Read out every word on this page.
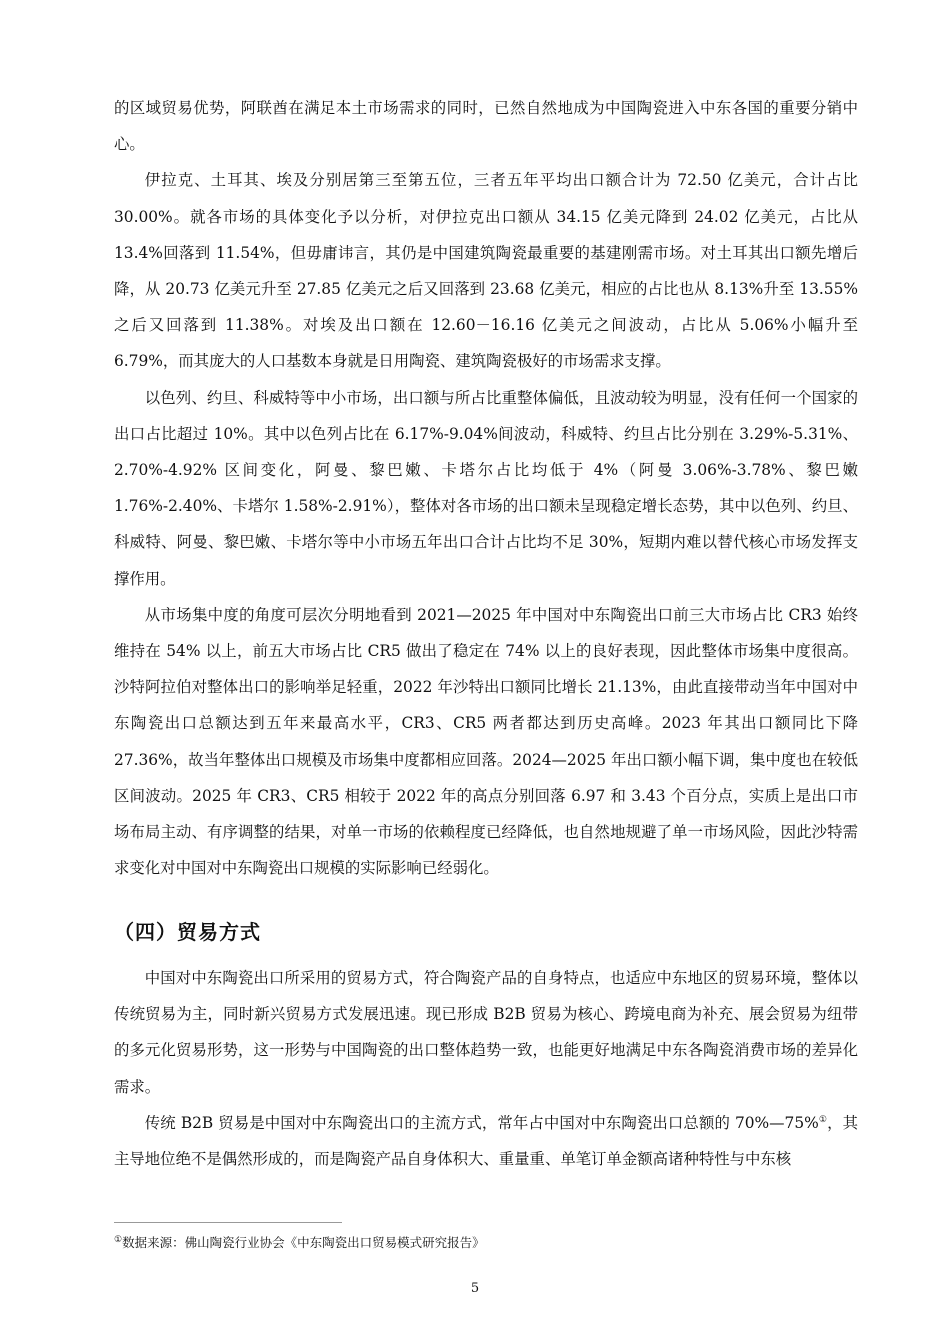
的区域贸易优势，阿联酋在满足本土市场需求的同时，已然自然地成为中国陶瓷进入中东各国的重要分销中心。

伊拉克、土耳其、埃及分别居第三至第五位，三者五年平均出口额合计为 72.50 亿美元，合计占比 30.00%。就各市场的具体变化予以分析，对伊拉克出口额从 34.15 亿美元降到 24.02 亿美元，占比从 13.4%回落到 11.54%，但毋庸讳言，其仍是中国建筑陶瓷最重要的基建刚需市场。对土耳其出口额先增后降，从 20.73 亿美元升至 27.85 亿美元之后又回落到 23.68 亿美元，相应的占比也从 8.13%升至 13.55%之后又回落到 11.38%。对埃及出口额在 12.60－16.16 亿美元之间波动，占比从 5.06%小幅升至 6.79%，而其庞大的人口基数本身就是日用陶瓷、建筑陶瓷极好的市场需求支撑。

以色列、约旦、科威特等中小市场，出口额与所占比重整体偏低，且波动较为明显，没有任何一个国家的出口占比超过 10%。其中以色列占比在 6.17%-9.04%间波动，科威特、约旦占比分别在 3.29%-5.31%、2.70%-4.92% 区间变化，阿曼、黎巴嫩、卡塔尔占比均低于 4%（阿曼 3.06%-3.78%、黎巴嫩 1.76%-2.40%、卡塔尔 1.58%-2.91%），整体对各市场的出口额未呈现稳定增长态势，其中以色列、约旦、科威特、阿曼、黎巴嫩、卡塔尔等中小市场五年出口合计占比均不足 30%，短期内难以替代核心市场发挥支撑作用。

从市场集中度的角度可层次分明地看到 2021—2025 年中国对中东陶瓷出口前三大市场占比 CR3 始终维持在 54% 以上，前五大市场占比 CR5 做出了稳定在 74% 以上的良好表现，因此整体市场集中度很高。沙特阿拉伯对整体出口的影响举足轻重，2022 年沙特出口额同比增长 21.13%，由此直接带动当年中国对中东陶瓷出口总额达到五年来最高水平，CR3、CR5 两者都达到历史高峰。2023 年其出口额同比下降 27.36%，故当年整体出口规模及市场集中度都相应回落。2024—2025 年出口额小幅下调，集中度也在较低区间波动。2025 年 CR3、CR5 相较于 2022 年的高点分别回落 6.97 和 3.43 个百分点，实质上是出口市场布局主动、有序调整的结果，对单一市场的依赖程度已经降低，也自然地规避了单一市场风险，因此沙特需求变化对中国对中东陶瓷出口规模的实际影响已经弱化。

（四）贸易方式

中国对中东陶瓷出口所采用的贸易方式，符合陶瓷产品的自身特点，也适应中东地区的贸易环境，整体以传统贸易为主，同时新兴贸易方式发展迅速。现已形成 B2B 贸易为核心、跨境电商为补充、展会贸易为纽带的多元化贸易形势，这一形势与中国陶瓷的出口整体趋势一致，也能更好地满足中东各陶瓷消费市场的差异化需求。

传统 B2B 贸易是中国对中东陶瓷出口的主流方式，常年占中国对中东陶瓷出口总额的 70%—75%①，其主导地位绝不是偶然形成的，而是陶瓷产品自身体积大、重量重、单笔订单金额高诸种特性与中东核

①数据来源：佛山陶瓷行业协会《中东陶瓷出口贸易模式研究报告》
5
